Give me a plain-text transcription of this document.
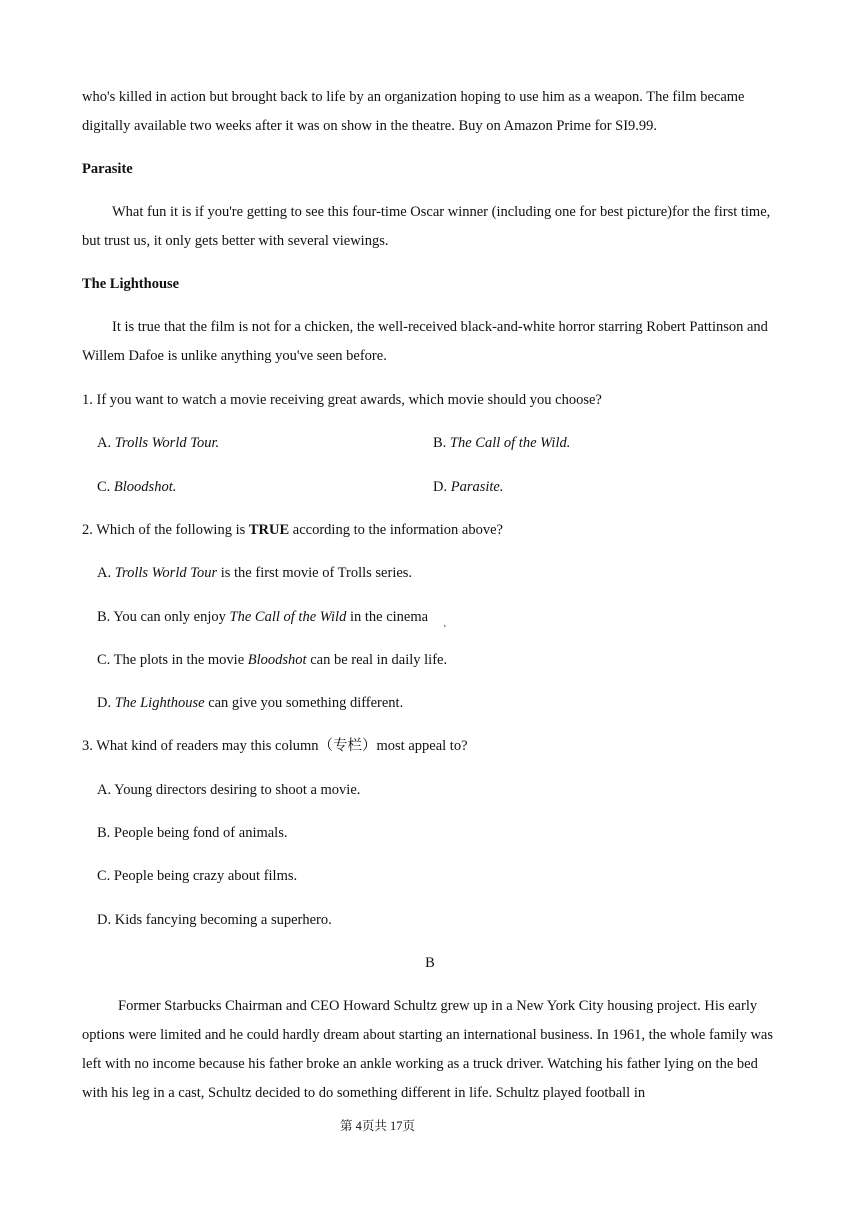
who's killed in action but brought back to life by an organization hoping to use him as a weapon. The film became

digitally available two weeks after it was on show in the theatre. Buy on Amazon Prime for SI9.99.

Parasite

What fun it is if you're getting to see this four-time Oscar winner (including one for best picture)for the first time, but trust us, it only gets better with several viewings.

The Lighthouse

It is true that the film is not for a chicken, the well-received black-and-white horror starring Robert Pattinson and Willem Dafoe is unlike anything you've seen before.

1. If you want to watch a movie receiving great awards, which movie should you choose?

A. Trolls World Tour.	B. The Call of the Wild.

C. Bloodshot.	D. Parasite.

2. Which of the following is TRUE according to the information above?

A. Trolls World Tour is the first movie of Trolls series.

B. You can only enjoy The Call of the Wild in the cinema

'

C. The plots in the movie Bloodshot can be real in daily life.

D. The Lighthouse can give you something different.

3. What kind of readers may this column（专栏）most appeal to?

A. Young directors desiring to shoot a movie.

B. People being fond of animals.

C. People being crazy about films.

D. Kids fancying becoming a superhero.

B

Former Starbucks Chairman and CEO Howard Schultz grew up in a New York City housing project. His early options were limited and he could hardly dream about starting an international business. In 1961, the whole family was left with no income because his father broke an ankle working as a truck driver. Watching his father lying on the bed with his leg in a cast, Schultz decided to do something different in life. Schultz played football in

第 4页共 17页
